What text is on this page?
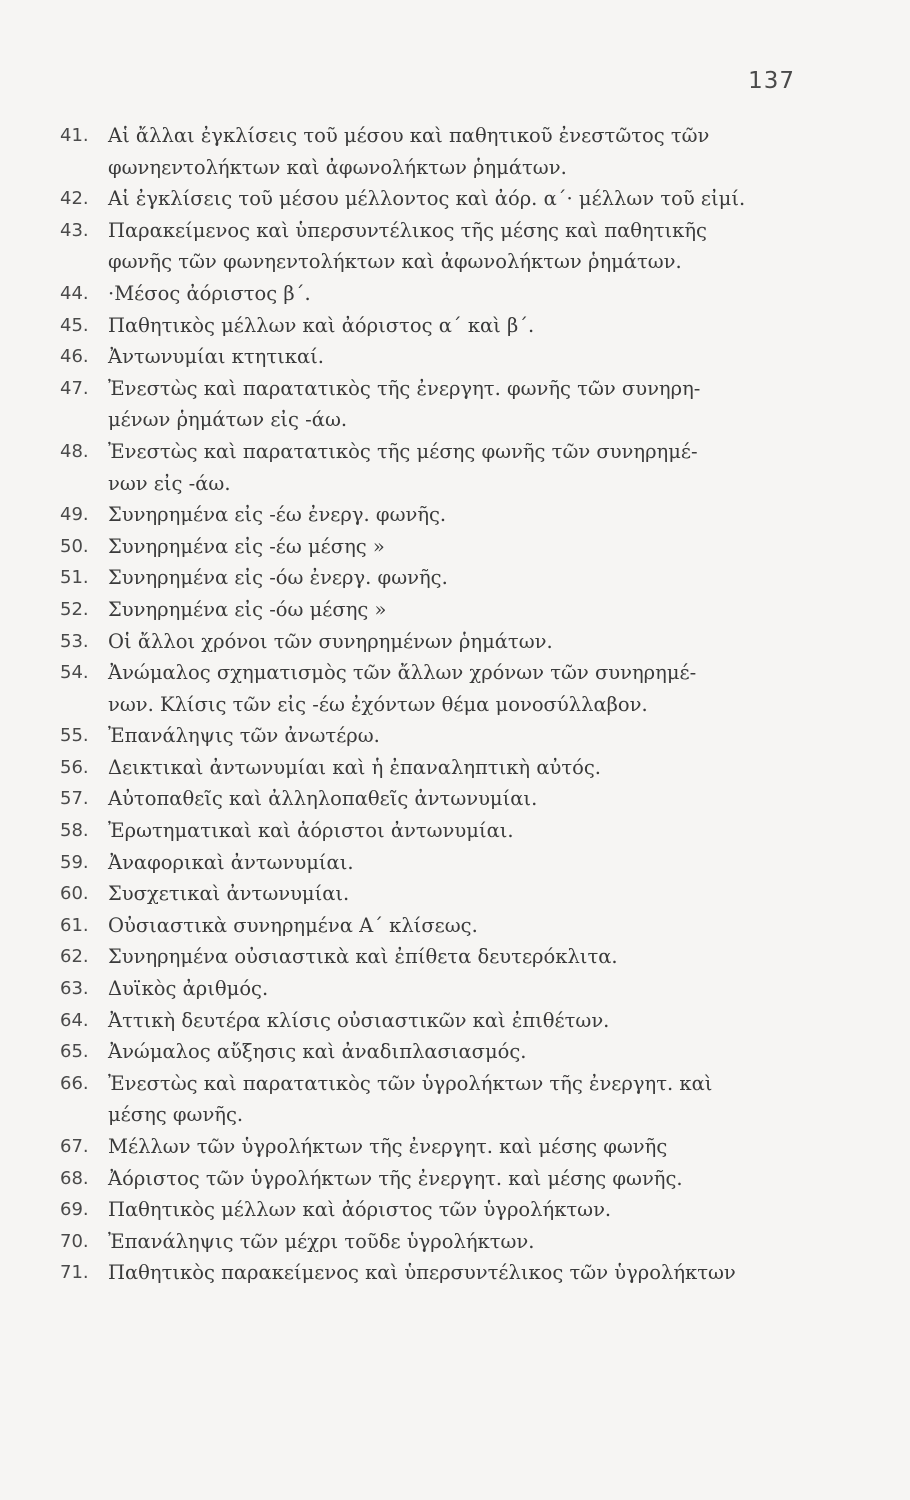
137
41. Αἱ ἄλλαι ἐγκλίσεις τοῦ μέσου καὶ παθητικοῦ ἐνεστῶτος τῶν
φωνηεντολήκτων καὶ ἀφωνολήκτων ῥημάτων.
42. Αἱ ἐγκλίσεις τοῦ μέσου μέλλοντος καὶ ἀόρ. α΄· μέλλων τοῦ εἰμί.
43. Παρακείμενος καὶ ὑπερσυντέλικος τῆς μέσης καὶ παθητικῆς
φωνῆς τῶν φωνηεντολήκτων καὶ ἀφωνολήκτων ῥημάτων.
44. ·Μέσος ἀόριστος β΄.
45. Παθητικὸς μέλλων καὶ ἀόριστος α΄ καὶ β΄.
46. Ἀντωνυμίαι κτητικαί.
47. Ἐνεστὼς καὶ παρατατικὸς τῆς ἐνεργητ. φωνῆς τῶν συνηρη-
μένων ῥημάτων εἰς -άω.
48. Ἐνεστὼς καὶ παρατατικὸς τῆς μέσης φωνῆς τῶν συνηρημέ-
νων εἰς -άω.
49. Συνηρημένα εἰς -έω ἐνεργ. φωνῆς.
50. Συνηρημένα εἰς -έω μέσης »
51. Συνηρημένα εἰς -όω ἐνεργ. φωνῆς.
52. Συνηρημένα εἰς -όω μέσης »
53. Οἱ ἄλλοι χρόνοι τῶν συνηρημένων ῥημάτων.
54. Ἀνώμαλος σχηματισμὸς τῶν ἄλλων χρόνων τῶν συνηρημέ-
νων. Κλίσις τῶν εἰς -έω ἐχόντων θέμα μονοσύλλαβον.
55. Ἐπανάληψις τῶν ἀνωτέρω.
56. Δεικτικαὶ ἀντωνυμίαι καὶ ἡ ἐπαναληπτικὴ αὐτός.
57. Αὐτοπαθεῖς καὶ ἀλληλοπαθεῖς ἀντωνυμίαι.
58. Ἐρωτηματικαὶ καὶ ἀόριστοι ἀντωνυμίαι.
59. Ἀναφορικαὶ ἀντωνυμίαι.
60. Συσχετικαὶ ἀντωνυμίαι.
61. Οὐσιαστικὰ συνηρημένα Α΄ κλίσεως.
62. Συνηρημένα οὐσιαστικὰ καὶ ἐπίθετα δευτερόκλιτα.
63. Δυϊκὸς ἀριθμός.
64. Ἀττικὴ δευτέρα κλίσις οὐσιαστικῶν καὶ ἐπιθέτων.
65. Ἀνώμαλος αὔξησις καὶ ἀναδιπλασιασμός.
66. Ἐνεστὼς καὶ παρατατικὸς τῶν ὑγρολήκτων τῆς ἐνεργητ. καὶ
μέσης φωνῆς.
67. Μέλλων τῶν ὑγρολήκτων τῆς ἐνεργητ. καὶ μέσης φωνῆς
68. Ἀόριστος τῶν ὑγρολήκτων τῆς ἐνεργητ. καὶ μέσης φωνῆς.
69. Παθητικὸς μέλλων καὶ ἀόριστος τῶν ὑγρολήκτων.
70. Ἐπανάληψις τῶν μέχρι τοῦδε ὑγρολήκτων.
71. Παθητικὸς παρακείμενος καὶ ὑπερσυντέλικος τῶν ὑγρολήκτων
